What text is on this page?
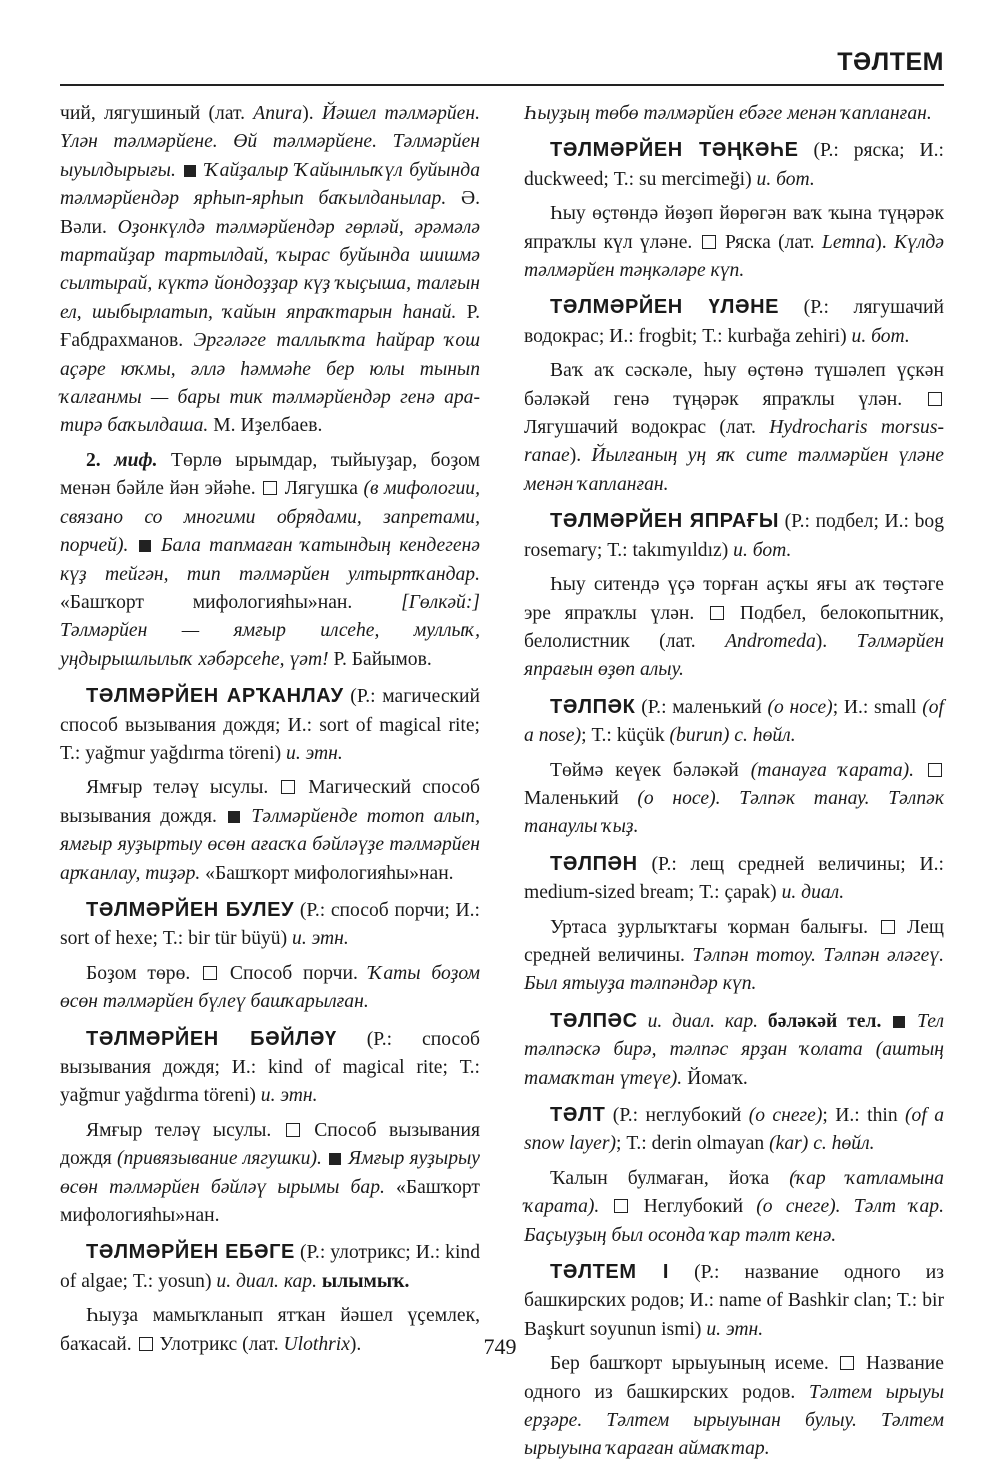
ТӘЛТЕМ

чий, лягушиный (лат. Anura). Йәшел тәлмәрйен. Үлән тәлмәрйене. Өй тәлмәрйене. Тәлмәрйен ыуылдырығы. Ҡайҙалыр Ҡайынлыҡүл буйында тәлмәрйендәр ярһып-ярһып баҡылданылар. Ә. Вәли. Оҙонкүлдә тәлмәрйендәр гөрләй, әрәмәлә тартайҙар тартылдай, ҡырас буйында шишмә сылтырай, күктә йондоҙҙар күҙ ҡыҫыша, талғын ел, шыбырлатып, ҡайын япраҡтарын һанай. Р. Ғабдрахманов. Эргәләге таллыҡта һайрар ҡош аҫәре юҡмы, әллә һәммәһе бер юлы тынып ҡалғанмы — бары тик тәлмәрйендәр генә ара-тирә баҡылдаша. М. Иҙелбаев.

2. миф. Төрлө ырымдар, тыйыуҙар, боҙом менән бәйле йән эйәһе.  Лягушка (в мифологии, связано со многими обрядами, запретами, порчей). Бала тапмаған ҡатындың кендегенә күҙ тейгән, тип тәлмәрйен ултыртҡандар. «Башҡорт мифологияһы»нан. [Гөлкәй:] Тәлмәрйен — ямғыр илсеһе, муллыҡ, уңдырышлылыҡ хәбәрсеһе, үәт! Р. Байымов.

ТӘЛМӘРЙЕН АРҠАНЛАУ (Р.: магический способ вызывания дождя; И.: sort of magical rite; Т.: yağmur yağdırma töreni) и. этн.

Ямғыр теләү ысулы.  Магический способ вызывания дождя. Тәлмәрйенде тотоп алып, ямғыр яуҙыртыу өсөн ағасҡа бәйләүҙе тәлмәрйен арҡанлау, тиҙәр. «Башҡорт мифологияһы»нан.

ТӘЛМӘРЙЕН БУЛЕУ (Р.: способ порчи; И.: sort of hexe; Т.: bir tür büyü) и. этн.

Боҙом төрө.  Способ порчи. Ҡаты боҙом өсөн тәлмәрйен бүлеү башҡарылған.

ТӘЛМӘРЙЕН БӘЙЛӘҮ (Р.: способ вызывания дождя; И.: kind of magical rite; Т.: yağmur yağdırma töreni) и. этн.

Ямғыр теләү ысулы.  Способ вызывания дождя (привязывание лягушки). Ямғыр яуҙырыу өсөн тәлмәрйен бәйләү ырымы бар. «Башҡорт мифологияһы»нан.

ТӘЛМӘРЙЕН ЕБӘГЕ (Р.: улотрикс; И.: kind of algae; Т.: yosun) и. диал. кар. ылымыҡ.

Һыуҙа мамыҡланып ятҡан йәшел үҫемлек, баҡасай.  Улотрикс (лат. Ulothrix).

Һыуҙың төбө тәлмәрйен ебәге менән ҡапланған.

ТӘЛМӘРЙЕН ТӘҢКӘҺЕ (Р.: ряска; И.: duckweed; Т.: su mercimeği) и. бот.

Һыу өҫтөндә йөҙөп йөрөгән ваҡ ҡына түңәрәк япраҡлы күл үләне.  Ряска (лат. Lemna). Күлдә тәлмәрйен тәңкәләре күп.

ТӘЛМӘРЙЕН ҮЛӘНЕ (Р.: лягушачий водокрас; И.: frogbit; Т.: kurbağa zehiri) и. бот.

Ваҡ аҡ сәскәле, һыу өҫтөнә түшәлеп үҫкән бәләкәй генә түңәрәк япраҡлы үлән.  Лягушачий водокрас (лат. Hydrocharis morsus-ranae). Йылғаның уң яҡ ситe тәлмәрйен үләне менән ҡапланған.

ТӘЛМӘРЙЕН ЯПРАҒЫ (Р.: подбел; И.: bog rosemary; Т.: takımyıldız) и. бот.

Һыу ситендә үҫә торған аҫҡы яғы аҡ төҫтәге эре япраҡлы үлән.  Подбел, белокопытник, белолистник (лат. Andromeda). Тәлмәрйен япрағын өҙөп алыу.

ТӘЛПӘК (Р.: маленький (о носе); И.: small (of a nose); Т.: küçük (burun) с. һөйл.

Төймә кеүек бәләкәй (танауға ҡарата).  Маленький (о носе). Тәлпәк танау. Тәлпәк танаулы ҡыҙ.

ТӘЛПӘН (Р.: лещ средней величины; И.: medium-sized bream; Т.: çapak) и. диал.

Уртаса ҙурлыҡтағы ҡорман балығы.  Лещ средней величины. Тәлпән тотоу. Тәлпән әләгеү. Был ятыуҙа тәлпәндәр күп.

ТӘЛПӘС и. диал. кар. бәләкәй тел. Тел тәлпәскә бирә, тәлпәс ярҙан ҡолата (аштың тамаҡтан үтеүе). Йомаҡ.

ТӘЛТ (Р.: неглубокий (о снеге); И.: thin (of a snow layer); Т.: derin olmayan (kar) с. һөйл.

Ҡалын булмаған, йоҡа (ҡар ҡатламына ҡарата).  Неглубокий (о снеге). Тәлт ҡар. Баҫыуҙың был осонда ҡар тәлт кенә.

ТӘЛТЕМ I (Р.: название одного из башкирских родов; И.: name of Bashkir clan; Т.: bir Başkurt soyunun ismi) и. этн.

Бер башҡорт ырыуының исеме.  Название одного из башкирских родов. Тәлтем ырыуы ерҙәре. Тәлтем ырыуынан булыу. Тәлтем ырыуына ҡараған аймаҡтар.

749
